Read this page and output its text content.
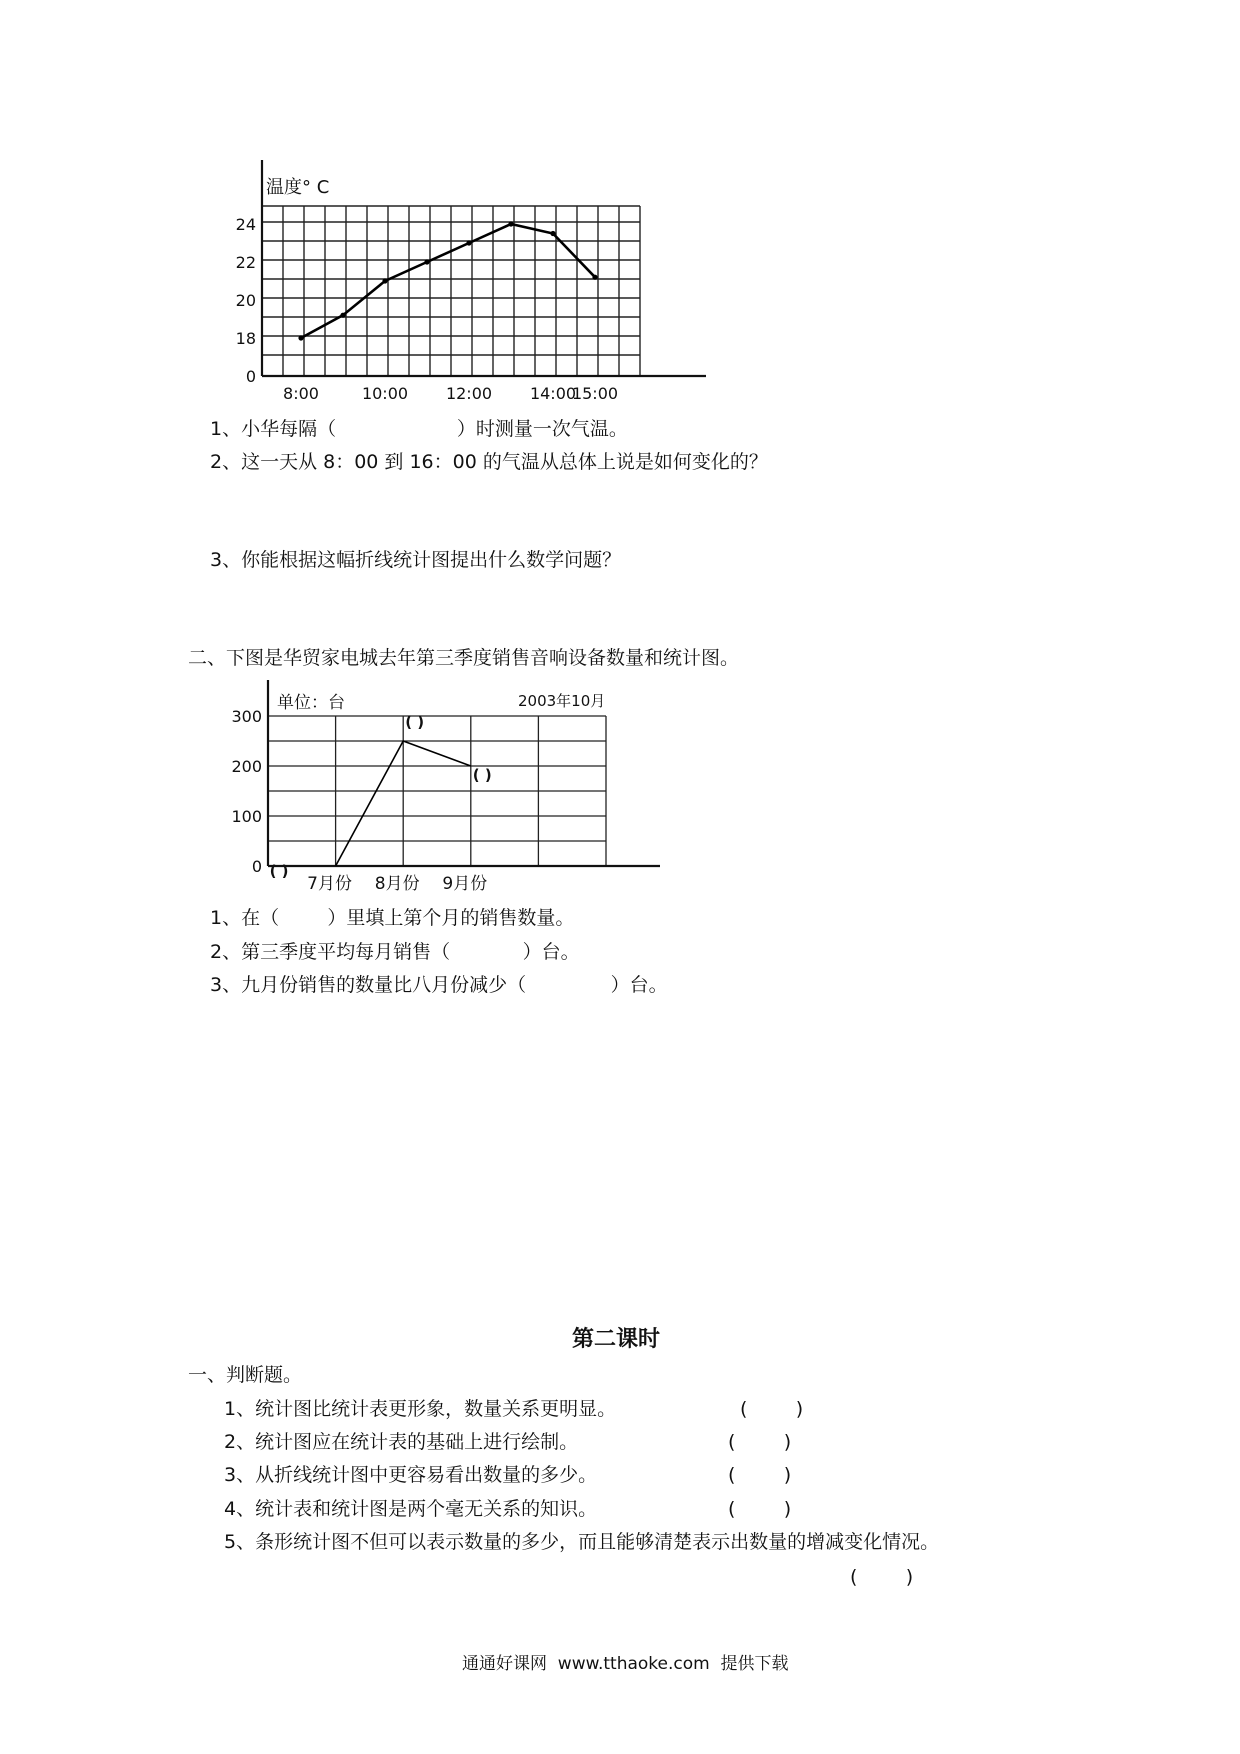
温度° C
24
22
20
18
0
8:00	10:00 12:00 14:00
15:00
单位：台	2003年10月
300
200
100
0
7月份 8月份 9月份
( )
( )
( )
1、小华每隔（                    ）时测量一次气温。
2、这一天从 8：00 到 16：00 的气温从总体上说是如何变化的？
3、你能根据这幅折线统计图提出什么数学问题？
二、下图是华贸家电城去年第三季度销售音响设备数量和统计图。
1、在（        ）里填上第个月的销售数量。
2、第三季度平均每月销售（            ）台。
3、九月份销售的数量比八月份减少（              ）台。
第二课时
一、判断题。
1、统计图比统计表更形象，数量关系更明显。	(        )
2、统计图应在统计表的基础上进行绘制。	(        )
3、从折线统计图中更容易看出数量的多少。	(        )
4、统计表和统计图是两个毫无关系的知识。	(        )
5、条形统计图不但可以表示数量的多少，而且能够清楚表示出数量的增减变化情况。
(        )
通通好课网  www.tthaoke.com  提供下载
